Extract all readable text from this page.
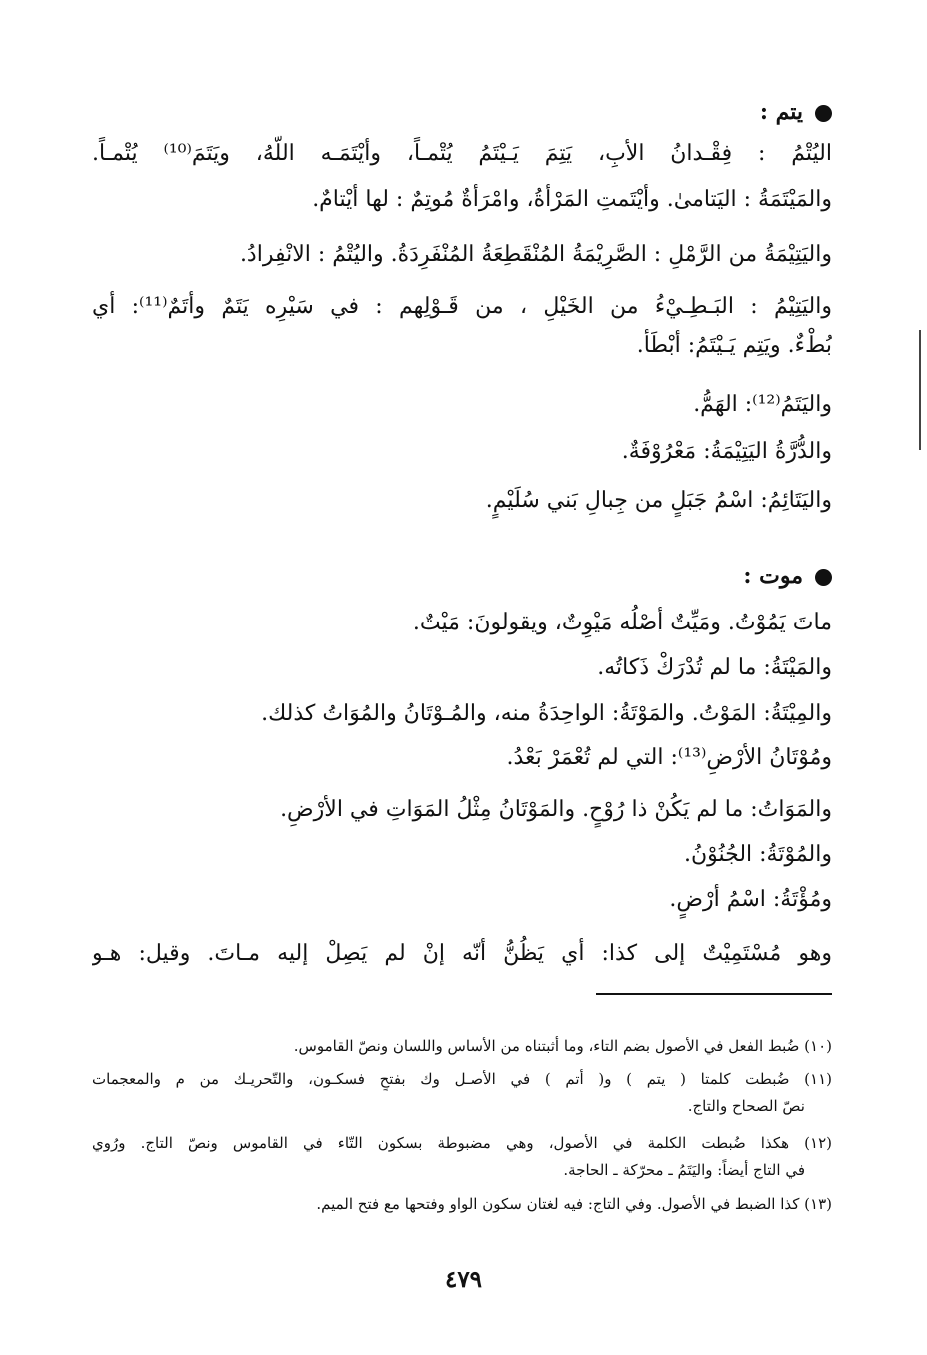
يتم :
اليُتْمُ : فِقْـدانُ الأبِ، يَتِمَ يَـيْتَمُ يُتْمـاً، وأيْتَمَـه اللّهُ، ويَتَمَ⁽¹⁰⁾ يُتْمـاً.
والمَيْتَمَةُ : اليَتامىٰ. وأيْتَمتِ المَرْأةُ، وامْرَأةٌ مُوتِمٌ : لها أيْتامٌ.
واليَتِيْمَةُ من الرَّمْلِ : الصَّرِيْمَةُ المُنْقَطِعَةُ المُنْفَرِدَةُ. واليُتْمُ : الانْفِرادُ.
واليَتِيْمُ : البَـطِـيْءُ من الخَيْلِ ، من قَـوْلِهم : في سَيْرِه يَتَمٌ وأتَمٌ⁽¹¹⁾: أي
بُطْءٌ. ويَتِم يَـيْتَمُ: أبْطَأ.
واليَتَمُ⁽¹²⁾: الهَمُّ.
والدُّرَّةُ اليَتِيْمَةُ: مَعْرُوْفَةٌ.
واليَتَائِمُ: اسْمُ جَبَلٍ من جِبالِ بَني سُلَيْمٍ.
موت :
ماتَ يَمُوْتُ. ومَيِّتٌ أصْلُه مَيْوِتٌ، ويقولونَ: مَيْتٌ.
والمَيْتَةُ: ما لم تُدْرَكْ ذَكاتُه.
والمِيْتَةُ: المَوْتُ. والمَوْتَةُ: الواحِدَةُ منه، والمُـوْتَانُ والمُوَاتُ كذلك.
ومُوْتَانُ الأرْضِ⁽¹³⁾: التي لم تُعْمَرْ بَعْدُ.
والمَوَاتُ: ما لم يَكُنْ ذا رُوْحٍ. والمَوْتَانُ مِثْلُ المَوَاتِ في الأرْضِ.
والمُوْتَةُ: الجُنُوْنُ.
ومُؤْتَةُ: اسْمُ أرْضٍ.
وهو مُسْتَمِيْتٌ إلى كذا: أي يَظُنُّ أنّه إنْ لم يَصِلْ إليه مـاتَ. وقيل: هـو
(١٠) ضُبط الفعل في الأصول بضم التاء، وما أثبتناه من الأساس واللسان ونصّ القاموس.
(١١) ضُبطت كلمتا ( يتم ) و( أتم ) في الأصـل وك بفتحٍ فسكـون، والتّحريـك من م والمعجمات
نصّ الصحاح والتاج.
(١٢) هكذا ضُبطت الكلمة في الأصول، وهي مضبوطة بسكون التّاء في القاموس ونصّ التاج. ورُوي
في التاج أيضاً: واليَتَمُ ـ محرّكة ـ الحاجة.
(١٣) كذا الضبط في الأصول. وفي التاج: فيه لغتان سكون الواو وفتحها مع فتح الميم.
٤٧٩
